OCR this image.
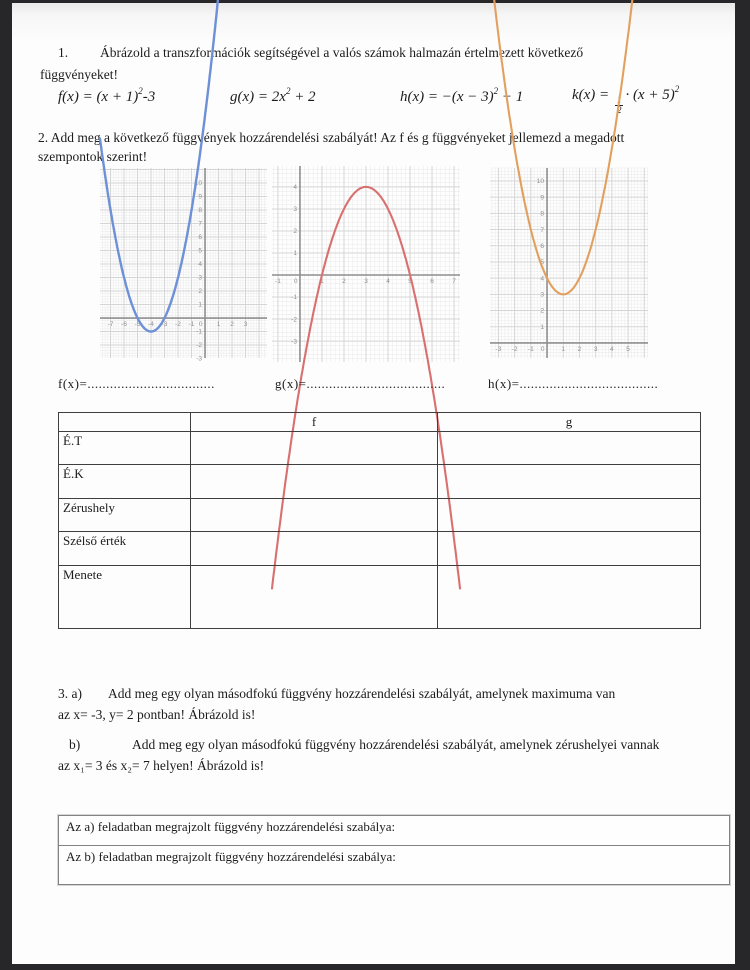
1. Ábrázold a transzformációk segítségével a valós számok halmazán értelmezett következő
függvényeket!
$f(x) = (x + 1)^2-3$	$g(x) = 2x^2 + 2$	$h(x) = -(x - 3)^2 - 1$	k(x) =
$\frac{1}{2}$
· $(x + 5)^2$
2. Add meg a következő függvények hozzárendelési szabályát! Az f és g függvényeket jellemezd a megadott
szempontok szerint!
-7 -6 -5 -4 -3 -2 -1 0 1 2 3
-3
-2
-1
1
2
3
4
5
6
7
8
9
10
-1 0	1	2	3	4	5	6	7
-3
-2
-1
1
2
3
4
-3 -2 -1 0	1 2 3 4 5
1
2
3
4
5
6
7
8
9
10
f(x)=..................................	g(x)=.....................................	h(x)=.....................................
	f	g
É.T		
É.K		
Zérushely		
Szélső érték		
Menete		
3. a) Add meg egy olyan másodfokú függvény hozzárendelési szabályát, amelynek maximuma van
az x= -3, y= 2 pontban! Ábrázold is!
b)	Add meg egy olyan másodfokú függvény hozzárendelési szabályát, amelynek zérushelyei vannak
az x₁= 3 és x₂= 7 helyen! Ábrázold is!
Az a) feladatban megrajzolt függvény hozzárendelési szabálya:
Az b) feladatban megrajzolt függvény hozzárendelési szabálya:
